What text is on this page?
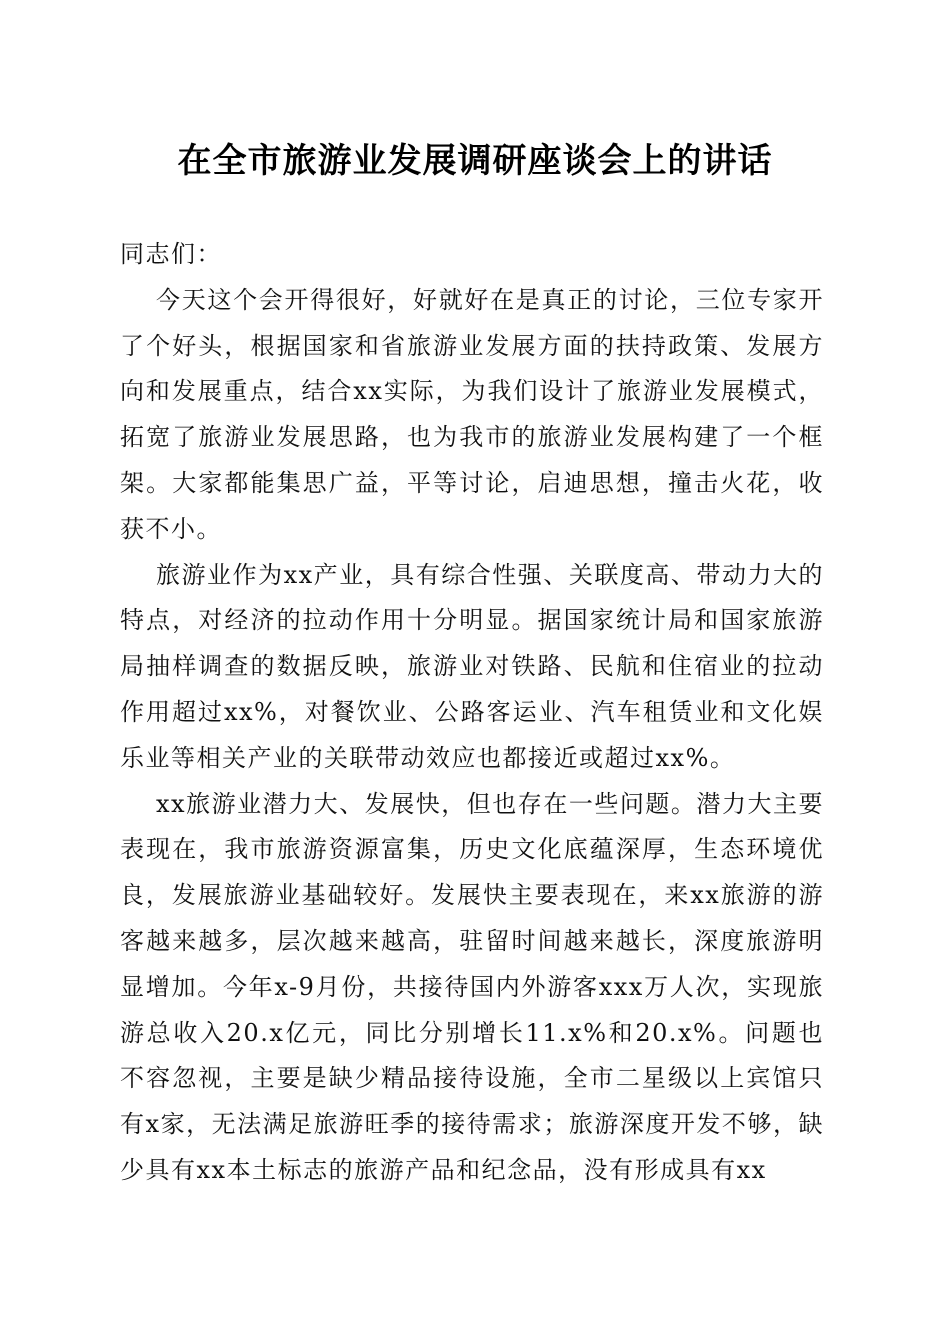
在全市旅游业发展调研座谈会上的讲话

同志们：

今天这个会开得很好，好就好在是真正的讨论，三位专家开了个好头，根据国家和省旅游业发展方面的扶持政策、发展方向和发展重点，结合xx实际，为我们设计了旅游业发展模式，拓宽了旅游业发展思路，也为我市的旅游业发展构建了一个框架。大家都能集思广益，平等讨论，启迪思想，撞击火花，收获不小。

旅游业作为xx产业，具有综合性强、关联度高、带动力大的特点，对经济的拉动作用十分明显。据国家统计局和国家旅游局抽样调查的数据反映，旅游业对铁路、民航和住宿业的拉动作用超过xx%，对餐饮业、公路客运业、汽车租赁业和文化娱乐业等相关产业的关联带动效应也都接近或超过xx%。

xx旅游业潜力大、发展快，但也存在一些问题。潜力大主要表现在，我市旅游资源富集，历史文化底蕴深厚，生态环境优良，发展旅游业基础较好。发展快主要表现在，来xx旅游的游客越来越多，层次越来越高，驻留时间越来越长，深度旅游明显增加。今年x-9月份，共接待国内外游客xxx万人次，实现旅游总收入20.x亿元，同比分别增长11.x%和20.x%。问题也不容忽视，主要是缺少精品接待设施，全市二星级以上宾馆只有x家，无法满足旅游旺季的接待需求；旅游深度开发不够，缺少具有xx本土标志的旅游产品和纪念品，没有形成具有xx
